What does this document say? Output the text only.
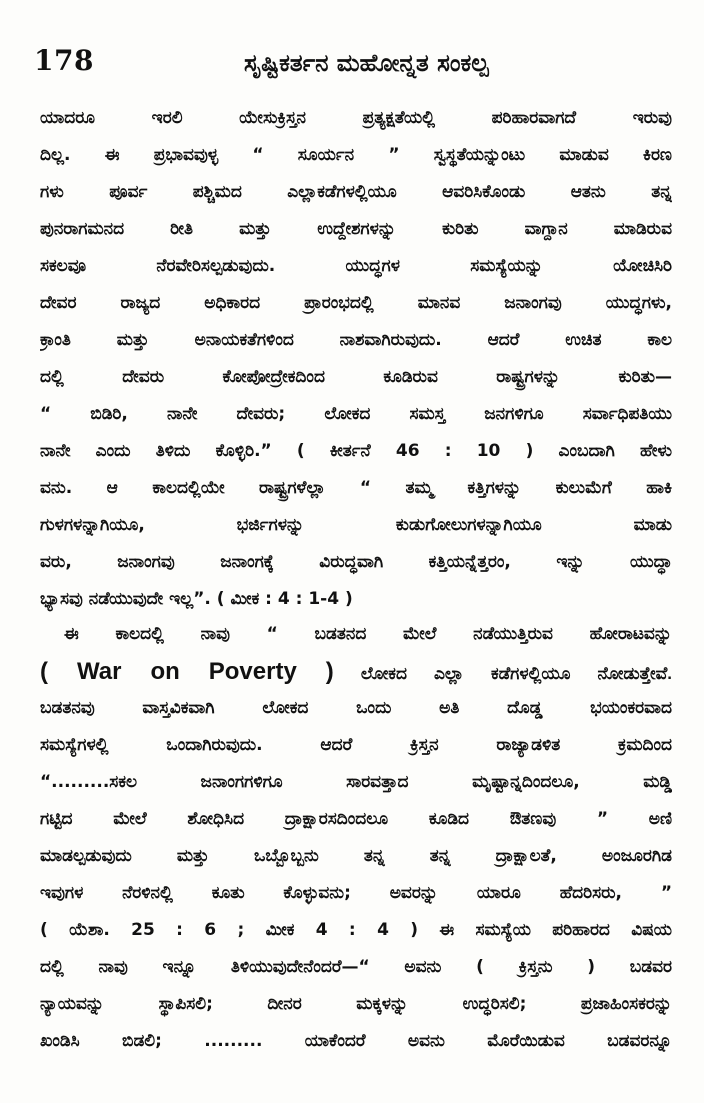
178	ಸೃಷ್ಟಿಕರ್ತನ ಮಹೋನ್ನತ ಸಂಕಲ್ಪ
ಯಾದರೂ ಇರಲಿ ಯೇಸುಕ್ರಿಸ್ತನ ಪ್ರತ್ಯಕ್ಷತೆಯಲ್ಲಿ ಪರಿಹಾರವಾಗದೆ ಇರುವು
ದಿಲ್ಲ. ಈ ಪ್ರಭಾವವುಳ್ಳ “ ಸೂರ್ಯನ ” ಸ್ವಸ್ಥತೆಯನ್ನುಂಟು ಮಾಡುವ ಕಿರಣ
ಗಳು ಪೂರ್ವ ಪಶ್ಚಿಮದ ಎಲ್ಲಾಕಡೆಗಳಲ್ಲಿಯೂ ಆವರಿಸಿಕೊಂಡು ಆತನು ತನ್ನ
ಪುನರಾಗಮನದ ರೀತಿ ಮತ್ತು ಉದ್ದೇಶಗಳನ್ನು ಕುರಿತು ವಾಗ್ದಾನ ಮಾಡಿರುವ
ಸಕಲವೂ ನೆರವೇರಿಸಲ್ಪಡುವುದು. ಯುದ್ಧಗಳ ಸಮಸ್ಯೆಯನ್ನು ಯೋಚಿಸಿರಿ
ದೇವರ ರಾಜ್ಯದ ಅಧಿಕಾರದ ಪ್ರಾರಂಭದಲ್ಲಿ ಮಾನವ ಜನಾಂಗವು ಯುದ್ಧಗಳು,
ಕ್ರಾಂತಿ ಮತ್ತು ಅನಾಯಕತೆಗಳಿಂದ ನಾಶವಾಗಿರುವುದು. ಆದರೆ ಉಚಿತ ಕಾಲ
ದಲ್ಲಿ ದೇವರು ಕೋಪೋದ್ರೇಕದಿಂದ ಕೂಡಿರುವ ರಾಷ್ಟ್ರಗಳನ್ನು ಕುರಿತು—
“ ಬಿಡಿರಿ, ನಾನೇ ದೇವರು; ಲೋಕದ ಸಮಸ್ತ ಜನಗಳಿಗೂ ಸರ್ವಾಧಿಪತಿಯು
ನಾನೇ ಎಂದು ತಿಳಿದು ಕೊಳ್ಳಿರಿ.” ( ಕೀರ್ತನೆ 46 : 10 ) ಎಂಬದಾಗಿ ಹೇಳು
ವನು. ಆ ಕಾಲದಲ್ಲಿಯೇ ರಾಷ್ಟ್ರಗಳೆಲ್ಲಾ “ ತಮ್ಮ ಕತ್ತಿಗಳನ್ನು ಕುಲುಮೆಗೆ ಹಾಕಿ
ಗುಳಗಳನ್ನಾಗಿಯೂ, ಭರ್ಜಿಗಳನ್ನು ಕುಡುಗೋಲುಗಳನ್ನಾಗಿಯೂ ಮಾಡು
ವರು, ಜನಾಂಗವು ಜನಾಂಗಕ್ಕೆ ವಿರುದ್ಧವಾಗಿ ಕತ್ತಿಯನ್ನೆತ್ತರಂ, ಇನ್ನು ಯುದ್ಧಾ
ಭ್ಯಾಸವು ನಡೆಯುವುದೇ ಇಲ್ಲ”. ( ಮೀಕ : 4 : 1-4 )
ಈ ಕಾಲದಲ್ಲಿ ನಾವು “ ಬಡತನದ ಮೇಲೆ ನಡೆಯುತ್ತಿರುವ ಹೋರಾಟವನ್ನು
( War on Poverty ) ಲೋಕದ ಎಲ್ಲಾ ಕಡೆಗಳಲ್ಲಿಯೂ ನೋಡುತ್ತೇವೆ.
ಬಡತನವು ವಾಸ್ತವಿಕವಾಗಿ ಲೋಕದ ಒಂದು ಅತಿ ದೊಡ್ಡ ಭಯಂಕರವಾದ
ಸಮಸ್ಯೆಗಳಲ್ಲಿ ಒಂದಾಗಿರುವುದು. ಆದರೆ ಕ್ರಿಸ್ತನ ರಾಜ್ಯಾಡಳಿತ ಕ್ರಮದಿಂದ
“.........ಸಕಲ ಜನಾಂಗಗಳಿಗೂ ಸಾರವತ್ತಾದ ಮೃಷ್ಟಾನ್ನದಿಂದಲೂ, ಮಡ್ಡಿ
ಗಟ್ಟಿದ ಮೇಲೆ ಶೋಧಿಸಿದ ದ್ರಾಕ್ಷಾರಸದಿಂದಲೂ ಕೂಡಿದ ಔತಣವು ” ಅಣಿ
ಮಾಡಲ್ಪಡುವುದು ಮತ್ತು ಒಬ್ಬೊಬ್ಬನು ತನ್ನ ತನ್ನ ದ್ರಾಕ್ಷಾಲತೆ, ಅಂಜೂರಗಿಡ
ಇವುಗಳ ನೆರಳಿನಲ್ಲಿ ಕೂತು ಕೊಳ್ಳುವನು; ಅವರನ್ನು ಯಾರೂ ಹೆದರಿಸರು, ”
( ಯೆಶಾ. 25 : 6 ; ಮೀಕ 4 : 4 ) ಈ ಸಮಸ್ಯೆಯ ಪರಿಹಾರದ ವಿಷಯ
ದಲ್ಲಿ ನಾವು ಇನ್ನೂ ತಿಳಿಯುವುದೇನೆಂದರೆ—“ ಅವನು ( ಕ್ರಿಸ್ತನು ) ಬಡವರ
ನ್ಯಾಯವನ್ನು ಸ್ಥಾಪಿಸಲಿ; ದೀನರ ಮಕ್ಕಳನ್ನು ಉದ್ಧರಿಸಲಿ; ಪ್ರಜಾಹಿಂಸಕರನ್ನು
ಖಂಡಿಸಿ ಬಿಡಲಿ; ......... ಯಾಕೆಂದರೆ ಅವನು ಮೊರೆಯಿಡುವ ಬಡವರನ್ನೂ
